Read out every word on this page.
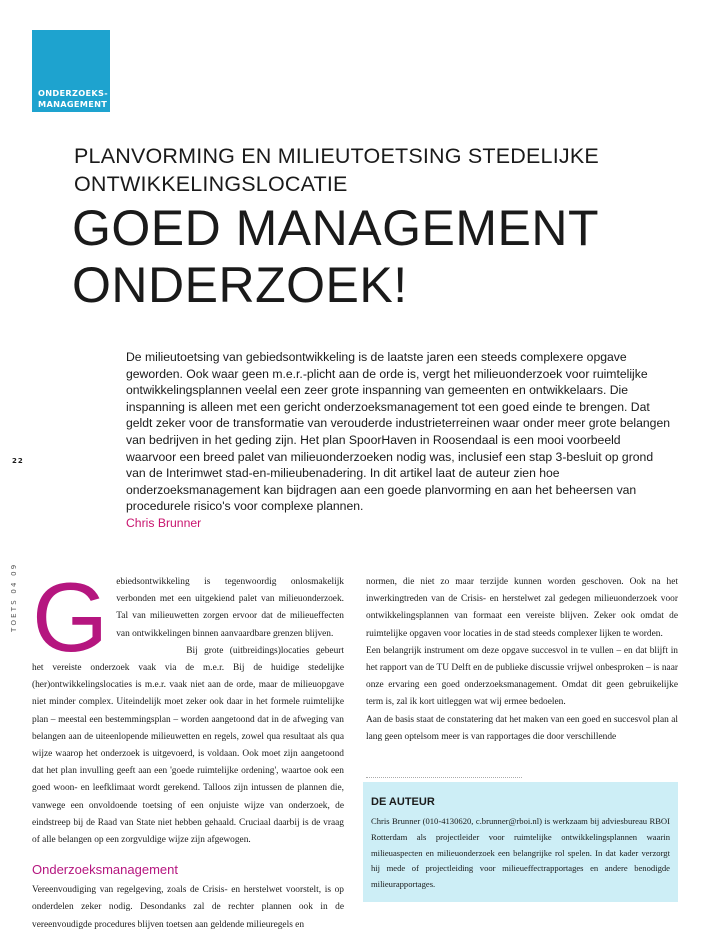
ONDERZOEKS-
MANAGEMENT
PLANVORMING EN MILIEUTOETSING STEDELIJKE
ONTWIKKELINGSLOCATIE
GOED MANAGEMENT
ONDERZOEK!
De milieutoetsing van gebiedsontwikkeling is de laatste jaren een steeds complexere opgave geworden. Ook waar geen m.e.r.-plicht aan de orde is, vergt het milieuonderzoek voor ruimtelijke ontwikkelingsplannen veelal een zeer grote inspanning van gemeenten en ontwikkelaars. Die inspanning is alleen met een gericht onderzoeksmanagement tot een goed einde te brengen. Dat geldt zeker voor de transformatie van verouderde industrieterreinen waar onder meer grote belangen van bedrijven in het geding zijn. Het plan SpoorHaven in Roosendaal is een mooi voorbeeld waarvoor een breed palet van milieuonderzoeken nodig was, inclusief een stap 3-besluit op grond van de Interimwet stad-en-milieubenadering. In dit artikel laat de auteur zien hoe onderzoeksmanagement kan bijdragen aan een goede planvorming en aan het beheersen van procedurele risico's voor complexe plannen.
Chris Brunner
22
TOETS 04 09 Gebiedsontwikkeling is tegenwoordig onlosmakelijk verbonden met een uitgekiend palet van milieuonderzoek. Tal van milieuwetten zorgen ervoor dat de milieueffecten van ontwikkelingen binnen aanvaardbare grenzen blijven.

Bij grote (uitbreidings)locaties gebeurt het vereiste onderzoek vaak via de m.e.r. Bij de huidige stedelijke (her)ontwikkelingslocaties is m.e.r. vaak niet aan de orde, maar de milieuopgave niet minder complex. Uiteindelijk moet zeker ook daar in het formele ruimtelijke plan – meestal een bestemmingsplan – worden aangetoond dat in de afweging van belangen aan de uiteenlopende milieuwetten en regels, zowel qua resultaat als qua wijze waarop het onderzoek is uitgevoerd, is voldaan. Ook moet zijn aangetoond dat het plan invulling geeft aan een 'goede ruimtelijke ordening', waartoe ook een goed woon- en leefklimaat wordt gerekend. Talloos zijn intussen de plannen die, vanwege een onvoldoende toetsing of een onjuiste wijze van onderzoek, de eindstreep bij de Raad van State niet hebben gehaald. Cruciaal daarbij is de vraag of alle belangen op een zorgvuldige wijze zijn afgewogen.

Onderzoeksmanagement

Vereenvoudiging van regelgeving, zoals de Crisis- en herstelwet voorstelt, is op onderdelen zeker nodig. Desondanks zal de rechter plannen ook in de vereenvoudigde procedures blijven toetsen aan geldende milieuregels en

normen, die niet zo maar terzijde kunnen worden geschoven. Ook na het inwerkingtreden van de Crisis- en herstelwet zal gedegen milieuonderzoek voor ontwikkelingsplannen van formaat een vereiste blijven. Zeker ook omdat de ruimtelijke opgaven voor locaties in de stad steeds complexer lijken te worden.

Een belangrijk instrument om deze opgave succesvol in te vullen – en dat blijft in het rapport van de TU Delft en de publieke discussie vrijwel onbesproken – is naar onze ervaring een goed onderzoeksmanagement. Omdat dit geen gebruikelijke term is, zal ik kort uitleggen wat wij ermee bedoelen.

Aan de basis staat de constatering dat het maken van een goed en succesvol plan al lang geen optelsom meer is van rapportages die door verschillende

DE AUTEUR

Chris Brunner (010-4130620, c.brunner@rboi.nl) is werkzaam bij adviesbureau RBOI Rotterdam als projectleider voor ruimtelijke ontwikkelingsplannen waarin milieuaspecten en milieuonderzoek een belangrijke rol spelen. In dat kader verzorgt hij mede of projectleiding voor milieueffectrapportages en andere benodigde milieurapportages.
